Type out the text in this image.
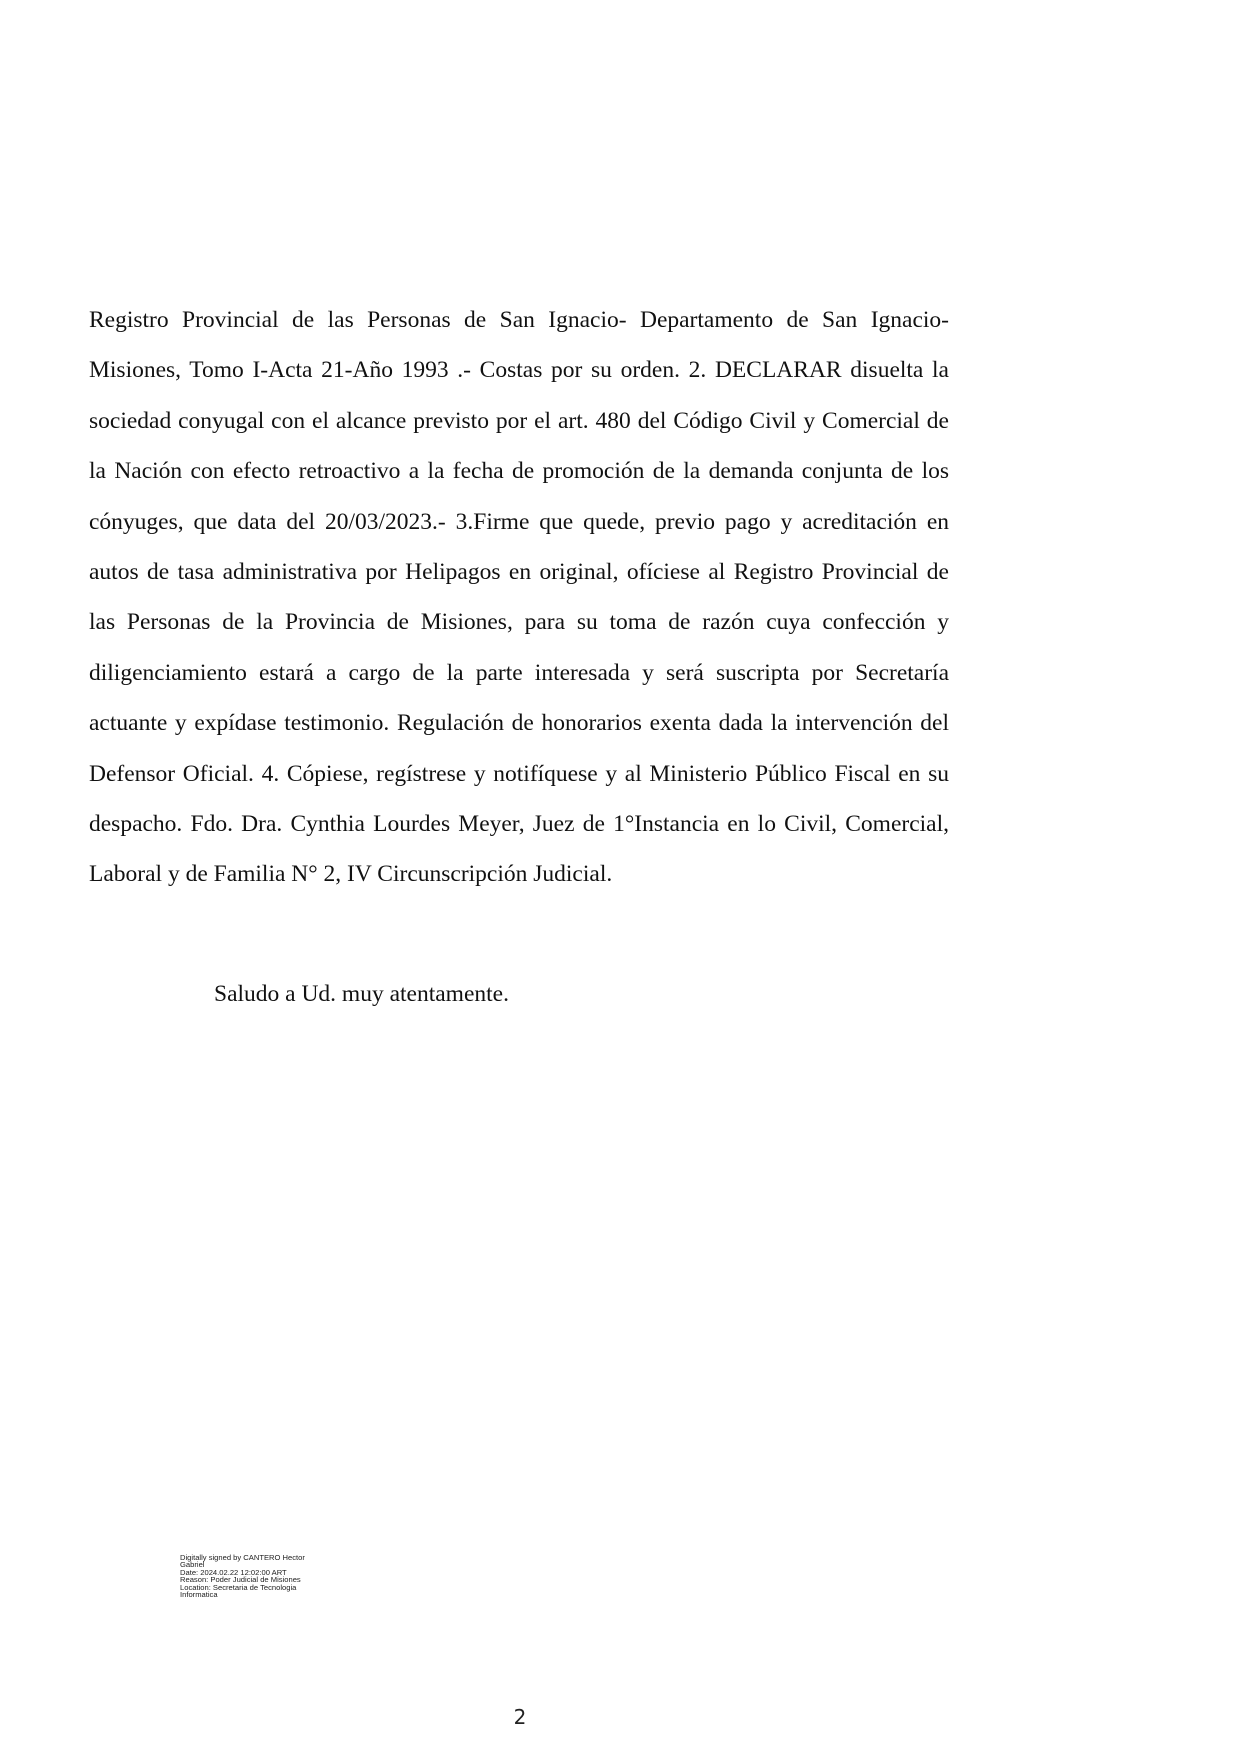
Registro Provincial de las Personas de San Ignacio- Departamento de San Ignacio-Misiones, Tomo I-Acta 21-Año 1993 .- Costas por su orden. 2. DECLARAR disuelta la sociedad conyugal con el alcance previsto por el art. 480 del Código Civil y Comercial de la Nación con efecto retroactivo a la fecha de promoción de la demanda conjunta de los cónyuges, que data del 20/03/2023.- 3.Firme que quede, previo pago y acreditación en autos de tasa administrativa por Helipagos en original, ofíciese al Registro Provincial de las Personas de la Provincia de Misiones, para su toma de razón cuya confección y diligenciamiento estará a cargo de la parte interesada y será suscripta por Secretaría actuante y expídase testimonio. Regulación de honorarios exenta dada la intervención del Defensor Oficial. 4. Cópiese, regístrese y notifíquese y al Ministerio Público Fiscal en su despacho. Fdo. Dra. Cynthia Lourdes Meyer, Juez de 1°Instancia en lo Civil, Comercial, Laboral y de Familia N° 2, IV Circunscripción Judicial.

Saludo a Ud. muy atentamente.

Digitally signed by CANTERO Hector
Gabriel
Date: 2024.02.22 12:02:00 ART
Reason: Poder Judicial de Misiones
Location: Secretaria de Tecnologia
Informatica
2
